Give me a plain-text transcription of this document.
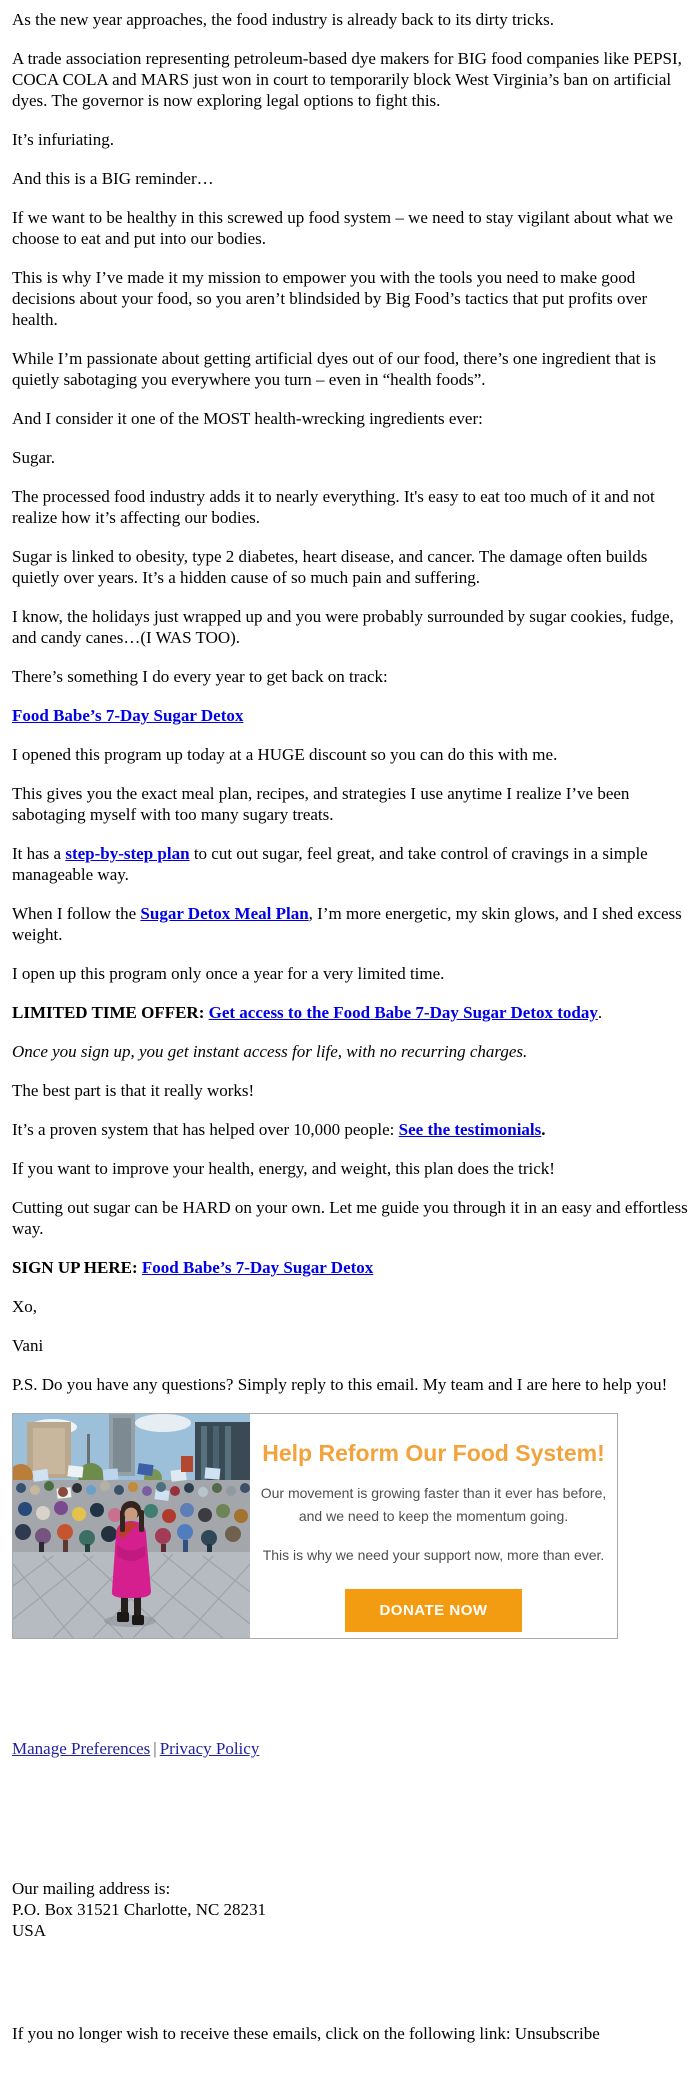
As the new year approaches, the food industry is already back to its dirty tricks.

A trade association representing petroleum-based dye makers for BIG food companies like PEPSI, COCA COLA and MARS just won in court to temporarily block West Virginia’s ban on artificial dyes. The governor is now exploring legal options to fight this.

It’s infuriating.

And this is a BIG reminder…

If we want to be healthy in this screwed up food system – we need to stay vigilant about what we choose to eat and put into our bodies.

This is why I’ve made it my mission to empower you with the tools you need to make good decisions about your food, so you aren’t blindsided by Big Food’s tactics that put profits over health.

While I’m passionate about getting artificial dyes out of our food, there’s one ingredient that is quietly sabotaging you everywhere you turn – even in “health foods”.

And I consider it one of the MOST health-wrecking ingredients ever:

Sugar.

The processed food industry adds it to nearly everything. It's easy to eat too much of it and not realize how it’s affecting our bodies.

Sugar is linked to obesity, type 2 diabetes, heart disease, and cancer. The damage often builds quietly over years. It’s a hidden cause of so much pain and suffering.

I know, the holidays just wrapped up and you were probably surrounded by sugar cookies, fudge, and candy canes…(I WAS TOO).

There’s something I do every year to get back on track:

Food Babe’s 7-Day Sugar Detox

I opened this program up today at a HUGE discount so you can do this with me.

This gives you the exact meal plan, recipes, and strategies I use anytime I realize I’ve been sabotaging myself with too many sugary treats.

It has a step-by-step plan to cut out sugar, feel great, and take control of cravings in a simple manageable way.

When I follow the Sugar Detox Meal Plan, I’m more energetic, my skin glows, and I shed excess weight.

I open up this program only once a year for a very limited time.

LIMITED TIME OFFER: Get access to the Food Babe 7-Day Sugar Detox today.

Once you sign up, you get instant access for life, with no recurring charges.

The best part is that it really works!

It’s a proven system that has helped over 10,000 people: See the testimonials.

If you want to improve your health, energy, and weight, this plan does the trick!

Cutting out sugar can be HARD on your own. Let me guide you through it in an easy and effortless way.

SIGN UP HERE: Food Babe’s 7-Day Sugar Detox

Xo,

Vani

P.S. Do you have any questions? Simply reply to this email. My team and I are here to help you!

Help Reform Our Food System!

Our movement is growing faster than it ever has before, and we need to keep the momentum going.

This is why we need your support now, more than ever.

DONATE NOW
Manage Preferences | Privacy Policy
Our mailing address is:
P.O. Box 31521 Charlotte, NC 28231
USA

If you no longer wish to receive these emails, click on the following link: Unsubscribe
